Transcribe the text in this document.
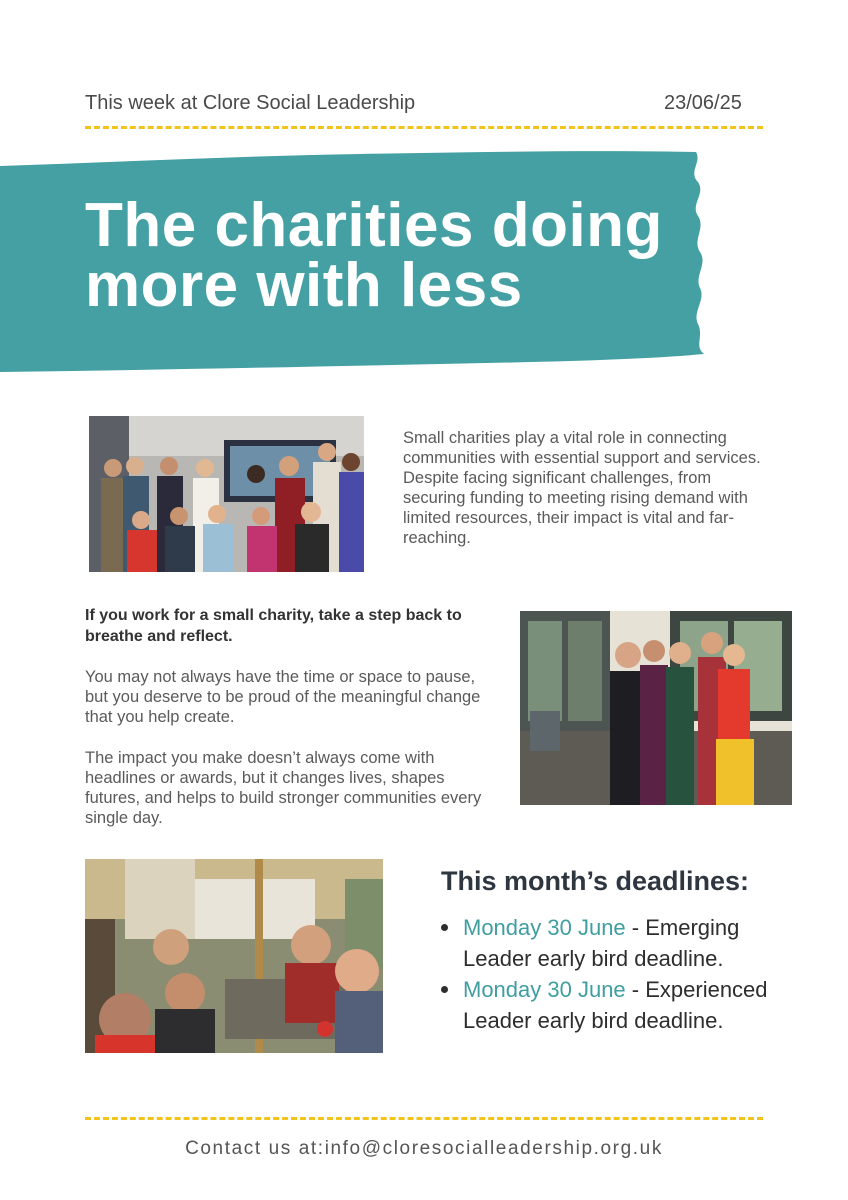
This week at Clore Social Leadership	23/06/25
The charities doing
more with less

Small charities play a vital role in connecting communities with essential support and services. Despite facing significant challenges, from securing funding to meeting rising demand with limited resources, their impact is vital and far-reaching.

If you work for a small charity, take a step back to breathe and reflect.

You may not always have the time or space to pause, but you deserve to be proud of the meaningful change that you help create.

The impact you make doesn’t always come with headlines or awards, but it changes lives, shapes futures, and helps to build stronger communities every single day.

This month’s deadlines:
Monday 30 June - Emerging Leader early bird deadline.
Monday 30 June - Experienced Leader early bird deadline.
Contact us at:info@cloresocialleadership.org.uk
